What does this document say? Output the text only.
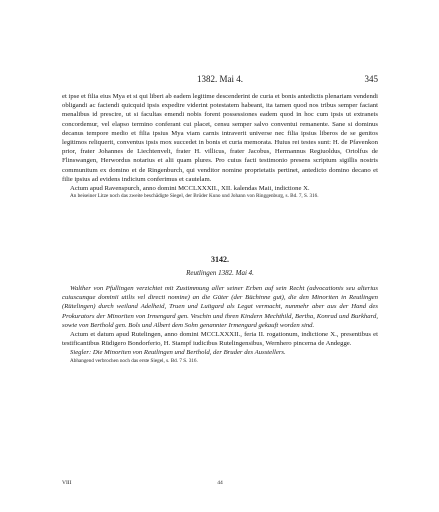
1382. Mai 4.	345

et ipse et filia eius Mya et si qui liberi ab eadem legitime descenderint de curia et bonis antedictis plenariam vendendi obligandi ac faciendi quicquid ipsis expedire viderint potestatem habeant, ita tamen quod nos tribus semper faciant menalibus id prescire, ut si facultas emendi nobis forent possessiones eadem quod in hoc cum ipsis ut extraneis concordemur, vel elapso termino conferant cui placet, censu semper salvo conventui remanente. Sane si dominus decanus tempore medio et filia ipsius Mya viam carnis intraverit universe nec filia ipsius liberos de se genitos legitimos reliquerit, conventus ipsis mox succedet in bonis et curia memorata. Huius rei testes sunt: H. de Pfavenkon prior, frater Johannes de Liechtenvelt, frater H. villicus, frater Jacobus, Hermannus Regiuoldus, Ortolfus de Flinswangen, Herwordus notarius et alii quam plures. Pro cuius facti testimonio presens scriptum sigillis nostris communitum ex domino et de Ringenburch, qui venditor nomine proprietatis pertinet, antedicto domino decano et filie ipsius ad evidens indicium conferimus et cautelam.

Actum apud Ravenspurch, anno domini MCCLXXXII., XII. kalendas Maii, indictione X.

An beiseiner Litze noch das zweite beschädigte Siegel, der Brüder Kuno und Johann von Ringgenburg, s. Bd. 7, S. 316.

3142.
Reutlingen 1382. Mai 4.

Walther von Pfullingen verzichtet mit Zustimmung aller seiner Erben auf sein Recht (advocationis seu alterius cuiuscunque dominii utilis vel directi nomine) an die Güter (der Büchinne gut), die den Minoriten in Reutlingen (Rütelingen) durch weiland Adelheid, Truen und Luitgard als Legat vermacht, nunmehr aber aus der Hand des Prokurators der Minoriten von Irmengard gen. Veschin und ihren Kindern Mechthild, Bertha, Konrad und Burkhard, sowie von Berthold gen. Bols und Albert dem Sohn genannter Irmengard gekauft worden sind.

Actum et datum apud Rutelingen, anno domini MCCLXXXII., feria II. rogationum, indictione X., presentibus et testificantibus Rüdigero Bondorferio, H. Stampf iudicibus Rutelingensibus, Wernhero pincerna de Andegge.

Siegler: Die Minoriten von Reutlingen und Berthold, der Bruder des Ausstellers.

Abhangend verbrochen noch das erste Siegel, s. Bd. 7 S. 316.

VIII	44
